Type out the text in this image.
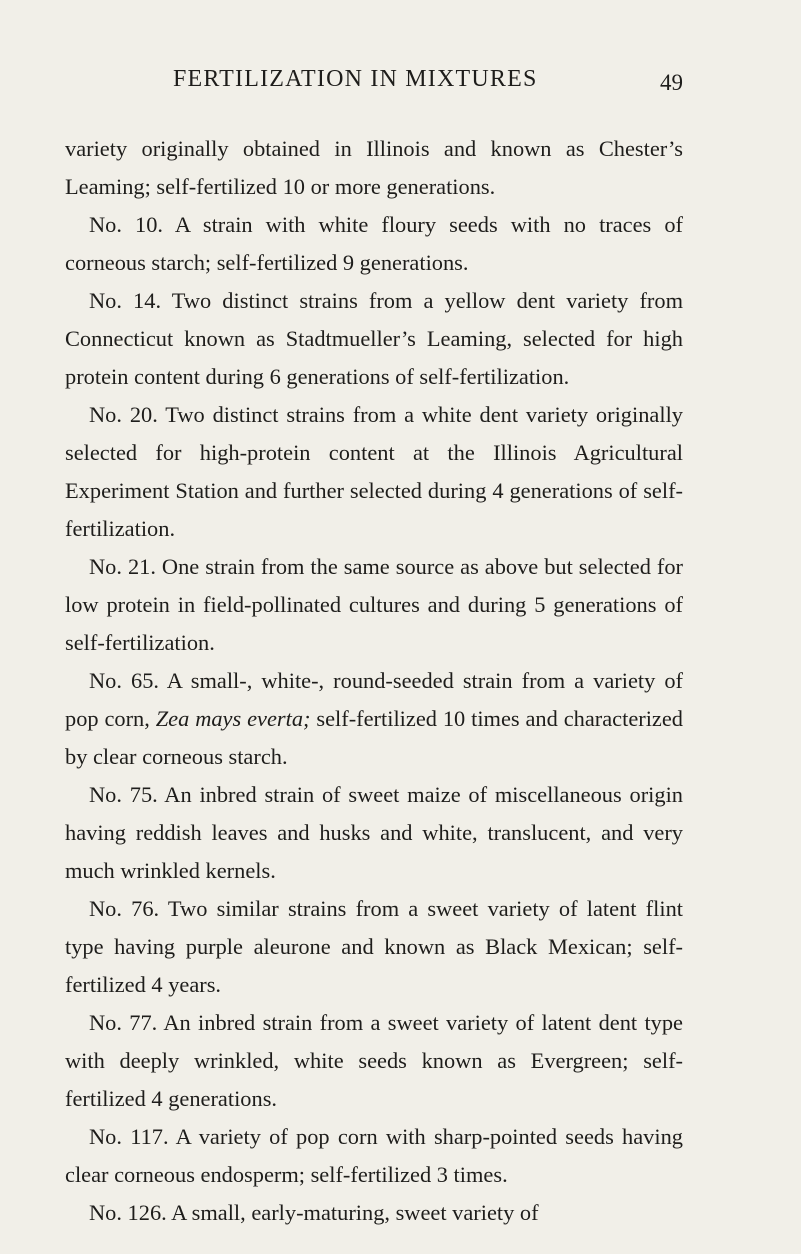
FERTILIZATION IN MIXTURES	49

variety originally obtained in Illinois and known as Chester’s Leaming; self-fertilized 10 or more generations.

No. 10. A strain with white floury seeds with no traces of corneous starch; self-fertilized 9 generations.

No. 14. Two distinct strains from a yellow dent variety from Connecticut known as Stadtmueller’s Leaming, selected for high protein content during 6 generations of self-fertilization.

No. 20. Two distinct strains from a white dent variety originally selected for high-protein content at the Illinois Agricultural Experiment Station and further selected during 4 generations of self-fertilization.

No. 21. One strain from the same source as above but selected for low protein in field-pollinated cultures and during 5 generations of self-fertilization.

No. 65. A small-, white-, round-seeded strain from a variety of pop corn, Zea mays everta; self-fertilized 10 times and characterized by clear corneous starch.

No. 75. An inbred strain of sweet maize of miscellaneous origin having reddish leaves and husks and white, translucent, and very much wrinkled kernels.

No. 76. Two similar strains from a sweet variety of latent flint type having purple aleurone and known as Black Mexican; self-fertilized 4 years.

No. 77. An inbred strain from a sweet variety of latent dent type with deeply wrinkled, white seeds known as Evergreen; self-fertilized 4 generations.

No. 117. A variety of pop corn with sharp-pointed seeds having clear corneous endosperm; self-fertilized 3 times.

No. 126. A small, early-maturing, sweet variety of
